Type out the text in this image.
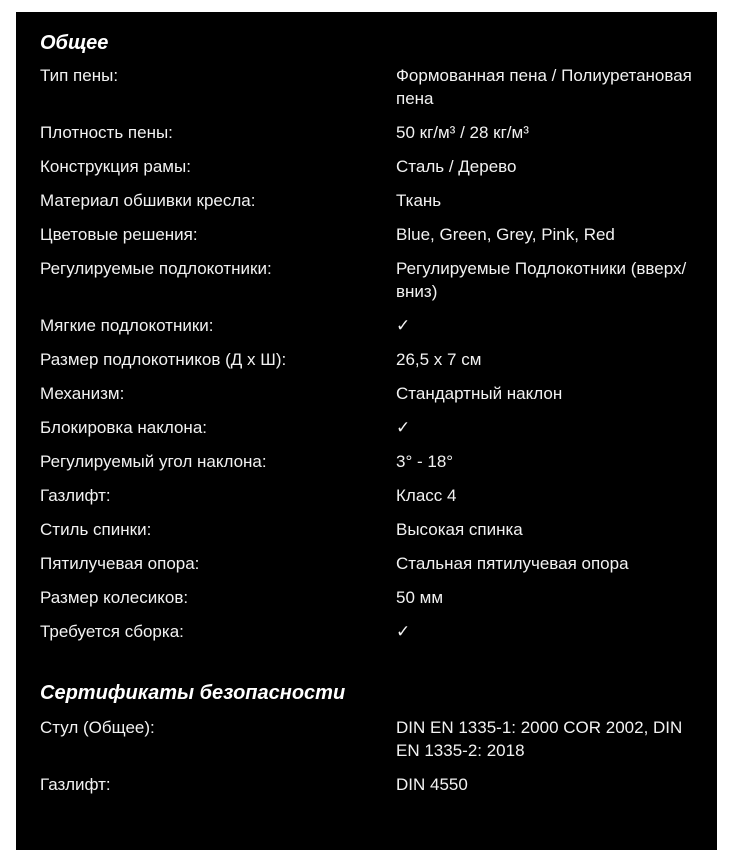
Общее
Тип пены:	Формованная пена / Полиуретановая пена
Плотность пены:	50 кг/м³ / 28 кг/м³
Конструкция рамы:	Сталь / Дерево
Материал обшивки кресла:	Ткань
Цветовые решения:	Blue, Green, Grey, Pink, Red
Регулируемые подлокотники:	Регулируемые Подлокотники (вверх/вниз)
Мягкие подлокотники:	✓
Размер подлокотников (Д x Ш):	26,5 x 7 см
Механизм:	Стандартный наклон
Блокировка наклона:	✓
Регулируемый угол наклона:	3° - 18°
Газлифт:	Класс 4
Стиль спинки:	Высокая спинка
Пятилучевая опора:	Стальная пятилучевая опора
Размер колесиков:	50 мм
Требуется сборка:	✓
Сертификаты безопасности
Стул (Общее):	DIN EN 1335-1: 2000 COR 2002, DIN EN 1335-2: 2018
Газлифт:	DIN 4550
